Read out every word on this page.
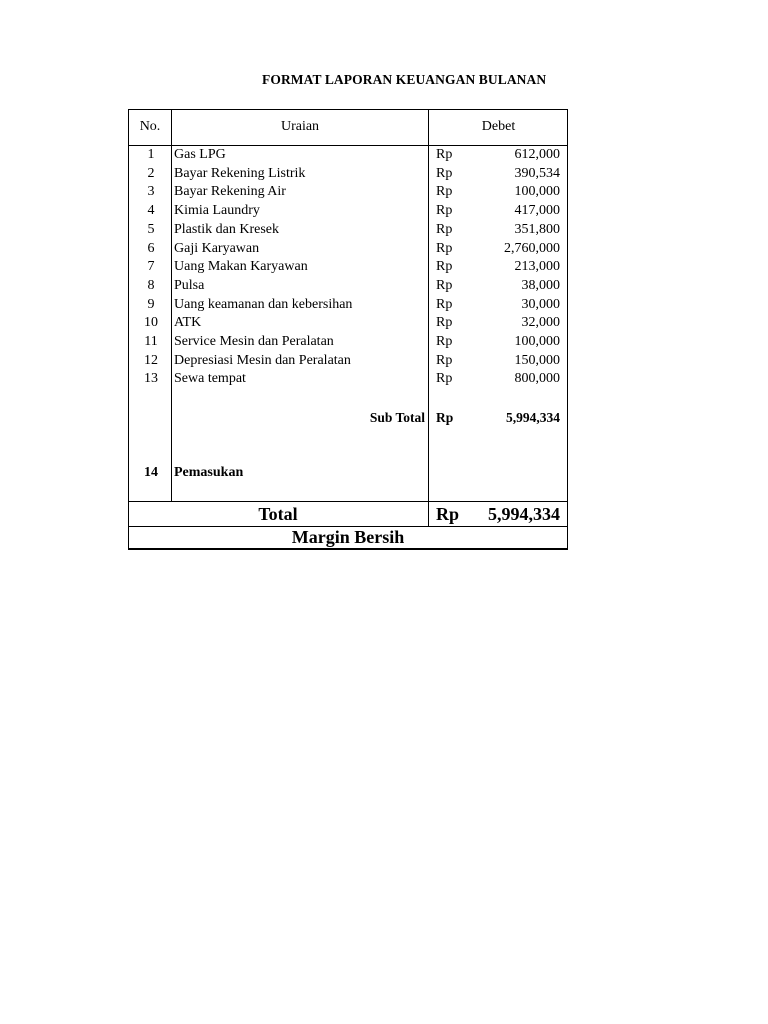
FORMAT LAPORAN KEUANGAN BULANAN
No.	Uraian	Debet
1	Gas LPG	Rp	612,000
2	Bayar Rekening Listrik	Rp	390,534
3	Bayar Rekening Air	Rp	100,000
4	Kimia Laundry	Rp	417,000
5	Plastik dan Kresek	Rp	351,800
6	Gaji Karyawan	Rp	2,760,000
7	Uang Makan Karyawan	Rp	213,000
8	Pulsa	Rp	38,000
9	Uang keamanan dan kebersihan	Rp	30,000
10	ATK	Rp	32,000
11	Service Mesin dan Peralatan	Rp	100,000
12	Depresiasi Mesin dan Peralatan	Rp	150,000
13	Sewa tempat	Rp	800,000
Sub Total Rp	5,994,334
14	Pemasukan
Total	Rp 5,994,334
Margin Bersih
